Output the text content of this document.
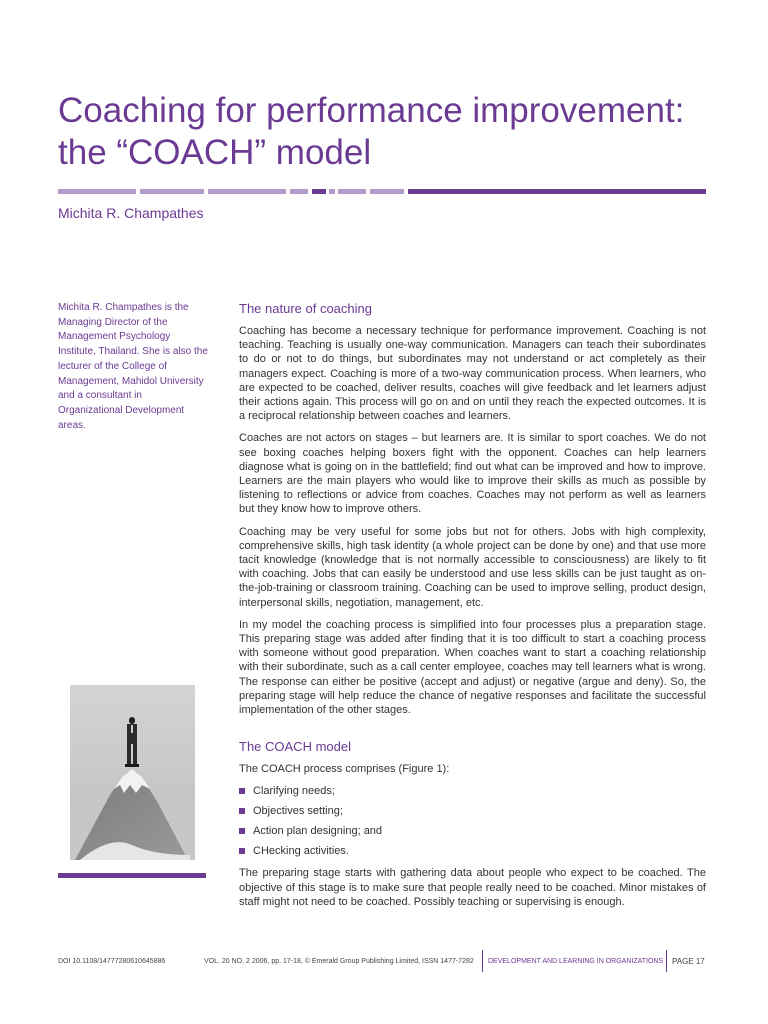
Coaching for performance improvement:
the “COACH” model
Michita R. Champathes
Michita R. Champathes is the Managing Director of the Management Psychology Institute, Thailand. She is also the lecturer of the College of Management, Mahidol University and a consultant in Organizational Development areas.
The nature of coaching

Coaching has become a necessary technique for performance improvement. Coaching is not teaching. Teaching is usually one-way communication. Managers can teach their subordinates to do or not to do things, but subordinates may not understand or act completely as their managers expect. Coaching is more of a two-way communication process. When learners, who are expected to be coached, deliver results, coaches will give feedback and let learners adjust their actions again. This process will go on and on until they reach the expected outcomes. It is a reciprocal relationship between coaches and learners.

Coaches are not actors on stages – but learners are. It is similar to sport coaches. We do not see boxing coaches helping boxers fight with the opponent. Coaches can help learners diagnose what is going on in the battlefield; find out what can be improved and how to improve. Learners are the main players who would like to improve their skills as much as possible by listening to reflections or advice from coaches. Coaches may not perform as well as learners but they know how to improve others.

Coaching may be very useful for some jobs but not for others. Jobs with high complexity, comprehensive skills, high task identity (a whole project can be done by one) and that use more tacit knowledge (knowledge that is not normally accessible to consciousness) are likely to fit with coaching. Jobs that can easily be understood and use less skills can be just taught as on-the-job-training or classroom training. Coaching can be used to improve selling, product design, interpersonal skills, negotiation, management, etc.

In my model the coaching process is simplified into four processes plus a preparation stage. This preparing stage was added after finding that it is too difficult to start a coaching process with someone without good preparation. When coaches want to start a coaching relationship with their subordinate, such as a call center employee, coaches may tell learners what is wrong. The response can either be positive (accept and adjust) or negative (argue and deny). So, the preparing stage will help reduce the chance of negative responses and facilitate the successful implementation of the other stages.

The COACH model

The COACH process comprises (Figure 1):

Clarifying needs;
Objectives setting;
Action plan designing; and
CHecking activities.

The preparing stage starts with gathering data about people who expect to be coached. The objective of this stage is to make sure that people really need to be coached. Minor mistakes of staff might not need to be coached. Possibly teaching or supervising is enough.

DOI 10.1108/14777280610645886	VOL. 20 NO. 2 2006, pp. 17-18, © Emerald Group Publishing Limited, ISSN 1477-7282 DEVELOPMENT AND LEARNING IN ORGANIZATIONS PAGE 17
